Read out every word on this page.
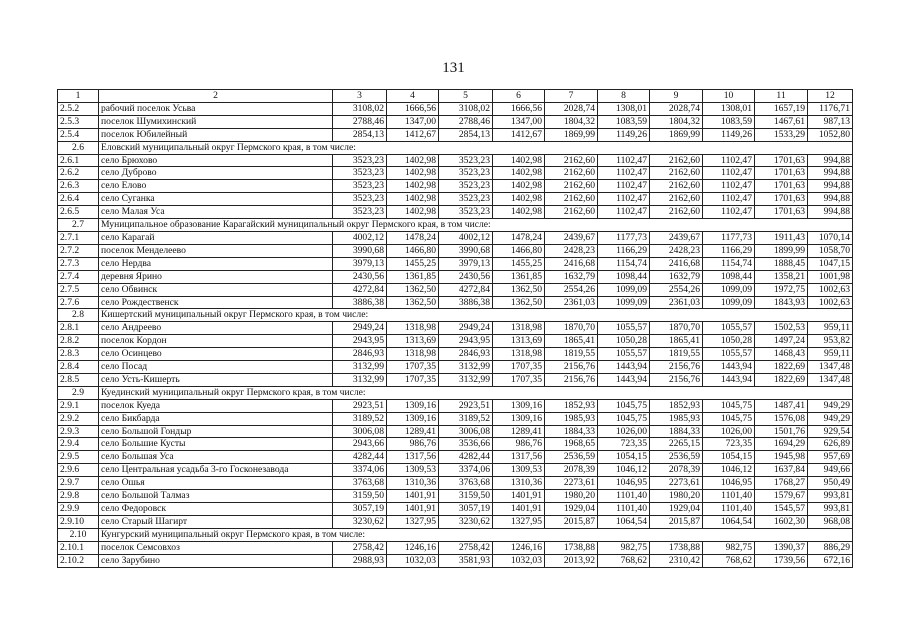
131
1	2	3	4	5	6	7	8	9	10	11	12
2.5.2	рабочий поселок Усьва	3108,02	1666,56	3108,02	1666,56	2028,74	1308,01	2028,74	1308,01	1657,19	1176,71
2.5.3	поселок Шумихинский	2788,46	1347,00	2788,46	1347,00	1804,32	1083,59	1804,32	1083,59	1467,61	987,13
2.5.4	поселок Юбилейный	2854,13	1412,67	2854,13	1412,67	1869,99	1149,26	1869,99	1149,26	1533,29	1052,80
2.6	Еловский муниципальный округ Пермского края, в том числе:										
2.6.1	село Брюхово	3523,23	1402,98	3523,23	1402,98	2162,60	1102,47	2162,60	1102,47	1701,63	994,88
2.6.2	село Дуброво	3523,23	1402,98	3523,23	1402,98	2162,60	1102,47	2162,60	1102,47	1701,63	994,88
2.6.3	село Елово	3523,23	1402,98	3523,23	1402,98	2162,60	1102,47	2162,60	1102,47	1701,63	994,88
2.6.4	село Суганка	3523,23	1402,98	3523,23	1402,98	2162,60	1102,47	2162,60	1102,47	1701,63	994,88
2.6.5	село Малая Уса	3523,23	1402,98	3523,23	1402,98	2162,60	1102,47	2162,60	1102,47	1701,63	994,88
2.7	Муниципальное образование Карагайский муниципальный округ Пермского края, в том числе:										
2.7.1	село Карагай	4002,12	1478,24	4002,12	1478,24	2439,67	1177,73	2439,67	1177,73	1911,43	1070,14
2.7.2	поселок Менделеево	3990,68	1466,80	3990,68	1466,80	2428,23	1166,29	2428,23	1166,29	1899,99	1058,70
2.7.3	село Нердва	3979,13	1455,25	3979,13	1455,25	2416,68	1154,74	2416,68	1154,74	1888,45	1047,15
2.7.4	деревня Ярино	2430,56	1361,85	2430,56	1361,85	1632,79	1098,44	1632,79	1098,44	1358,21	1001,98
2.7.5	село Обвинск	4272,84	1362,50	4272,84	1362,50	2554,26	1099,09	2554,26	1099,09	1972,75	1002,63
2.7.6	село Рождественск	3886,38	1362,50	3886,38	1362,50	2361,03	1099,09	2361,03	1099,09	1843,93	1002,63
2.8	Кишертский муниципальный округ Пермского края, в том числе:										
2.8.1	село Андреево	2949,24	1318,98	2949,24	1318,98	1870,70	1055,57	1870,70	1055,57	1502,53	959,11
2.8.2	поселок Кордон	2943,95	1313,69	2943,95	1313,69	1865,41	1050,28	1865,41	1050,28	1497,24	953,82
2.8.3	село Осинцево	2846,93	1318,98	2846,93	1318,98	1819,55	1055,57	1819,55	1055,57	1468,43	959,11
2.8.4	село Посад	3132,99	1707,35	3132,99	1707,35	2156,76	1443,94	2156,76	1443,94	1822,69	1347,48
2.8.5	село Усть-Кишерть	3132,99	1707,35	3132,99	1707,35	2156,76	1443,94	2156,76	1443,94	1822,69	1347,48
2.9	Куединский муниципальный округ Пермского края, в том числе:										
2.9.1	поселок Куеда	2923,51	1309,16	2923,51	1309,16	1852,93	1045,75	1852,93	1045,75	1487,41	949,29
2.9.2	село Бикбарда	3189,52	1309,16	3189,52	1309,16	1985,93	1045,75	1985,93	1045,75	1576,08	949,29
2.9.3	село Большой Гондыр	3006,08	1289,41	3006,08	1289,41	1884,33	1026,00	1884,33	1026,00	1501,76	929,54
2.9.4	село Большие Кусты	2943,66	986,76	3536,66	986,76	1968,65	723,35	2265,15	723,35	1694,29	626,89
2.9.5	село Большая Уса	4282,44	1317,56	4282,44	1317,56	2536,59	1054,15	2536,59	1054,15	1945,98	957,69
2.9.6	село Центральная усадьба 3-го Госконезавода	3374,06	1309,53	3374,06	1309,53	2078,39	1046,12	2078,39	1046,12	1637,84	949,66
2.9.7	село Ошья	3763,68	1310,36	3763,68	1310,36	2273,61	1046,95	2273,61	1046,95	1768,27	950,49
2.9.8	село Большой Талмаз	3159,50	1401,91	3159,50	1401,91	1980,20	1101,40	1980,20	1101,40	1579,67	993,81
2.9.9	село Федоровск	3057,19	1401,91	3057,19	1401,91	1929,04	1101,40	1929,04	1101,40	1545,57	993,81
2.9.10	село Старый Шагирт	3230,62	1327,95	3230,62	1327,95	2015,87	1064,54	2015,87	1064,54	1602,30	968,08
2.10	Кунгурский муниципальный округ Пермского края, в том числе:										
2.10.1	поселок Семсовхоз	2758,42	1246,16	2758,42	1246,16	1738,88	982,75	1738,88	982,75	1390,37	886,29
2.10.2	село Зарубино	2988,93	1032,03	3581,93	1032,03	2013,92	768,62	2310,42	768,62	1739,56	672,16
